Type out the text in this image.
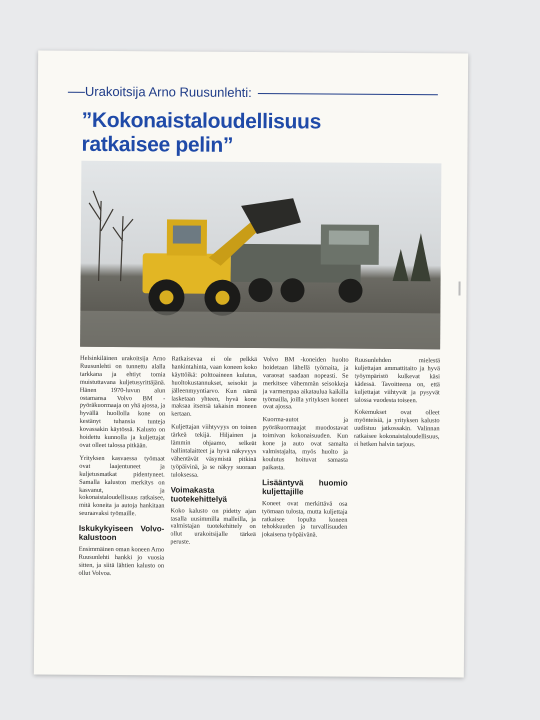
Urakoitsija Arno Ruusunlehti:
”Kokonaistaloudellisuus
ratkaisee pelin”

Helsinkiläinen urakoitsija Arno Ruusunlehti on tunnettu alalla tarkkana ja ehtiyt tomia muistuttavana kuljetusyrittäjänä. Hänen 1970-luvun alun ostamansa Volvo BM -pyöräkuormaaja on yhä ajossa, ja hyvällä huollolla kone on kestänyt tuhansia tunteja kovassakin käytössä. Kalusto on hoidettu kunnolla ja kuljettajat ovat olleet talossa pitkään.

Yrityksen kasvaessa työmaat ovat laajentuneet ja kuljetusmatkat pidentyneet. Samalla kaluston merkitys on kasvanut, ja kokonaistaloudellisuus ratkaisee, mitä koneita ja autoja hankitaan seuraavaksi työmaille.

Iskukykyiseen Volvo-kalustoon

Ensimmäinen oman koneen Arno Ruusunlehti hankki jo vuosia sitten, ja siitä lähtien kalusto on ollut Volvoa.

Ratkaisevaa ei ole pelkkä hankintahinta, vaan koneen koko käyttöikä: polttoaineen kulutus, huoltokustannukset, seisokit ja jälleenmyyntiarvo. Kun nämä lasketaan yhteen, hyvä kone maksaa itsensä takaisin moneen kertaan.

Kuljettajan viihtyvyys on toinen tärkeä tekijä. Hiljainen ja lämmin ohjaamo, selkeät hallintalaitteet ja hyvä näkyvyys vähentävät väsymistä pitkinä työpäivinä, ja se näkyy suoraan tuloksessa.

Voimakasta tuotekehittelyä

Koko kalusto on pidetty ajan tasalla uusimmilla malleilla, ja valmistajan tuotekehittely on ollut urakoitsijalle tärkeä peruste.

Volvo BM -koneiden huolto hoidetaan lähellä työmaita, ja varaosat saadaan nopeasti. Se merkitsee vähemmän seisokkeja ja varmempaa aikataulua kaikilla työmailla, joilla yrityksen koneet ovat ajossa.

Kuorma-autot ja pyöräkuormaajat muodostavat toimivan kokonaisuuden. Kun kone ja auto ovat samalta valmistajalta, myös huolto ja koulutus hoituvat samasta paikasta.

Lisääntyvä huomio kuljettajille

Koneet ovat merkittävä osa työmaan tulosta, mutta kuljettaja ratkaisee lopulta koneen tehokkuuden ja turvallisuuden jokaisena työpäivänä.

Ruusunlehden mielestä kuljettajan ammattitaito ja hyvä työympäristö kulkevat käsi kädessä. Tavoitteena on, että kuljettajat viihtyvät ja pysyvät talossa vuodesta toiseen.

Kokemukset ovat olleet myönteisiä, ja yrityksen kalusto uudistuu jatkossakin. Valinnan ratkaisee kokonaistaloudellisuus, ei hetken halvin tarjous.
